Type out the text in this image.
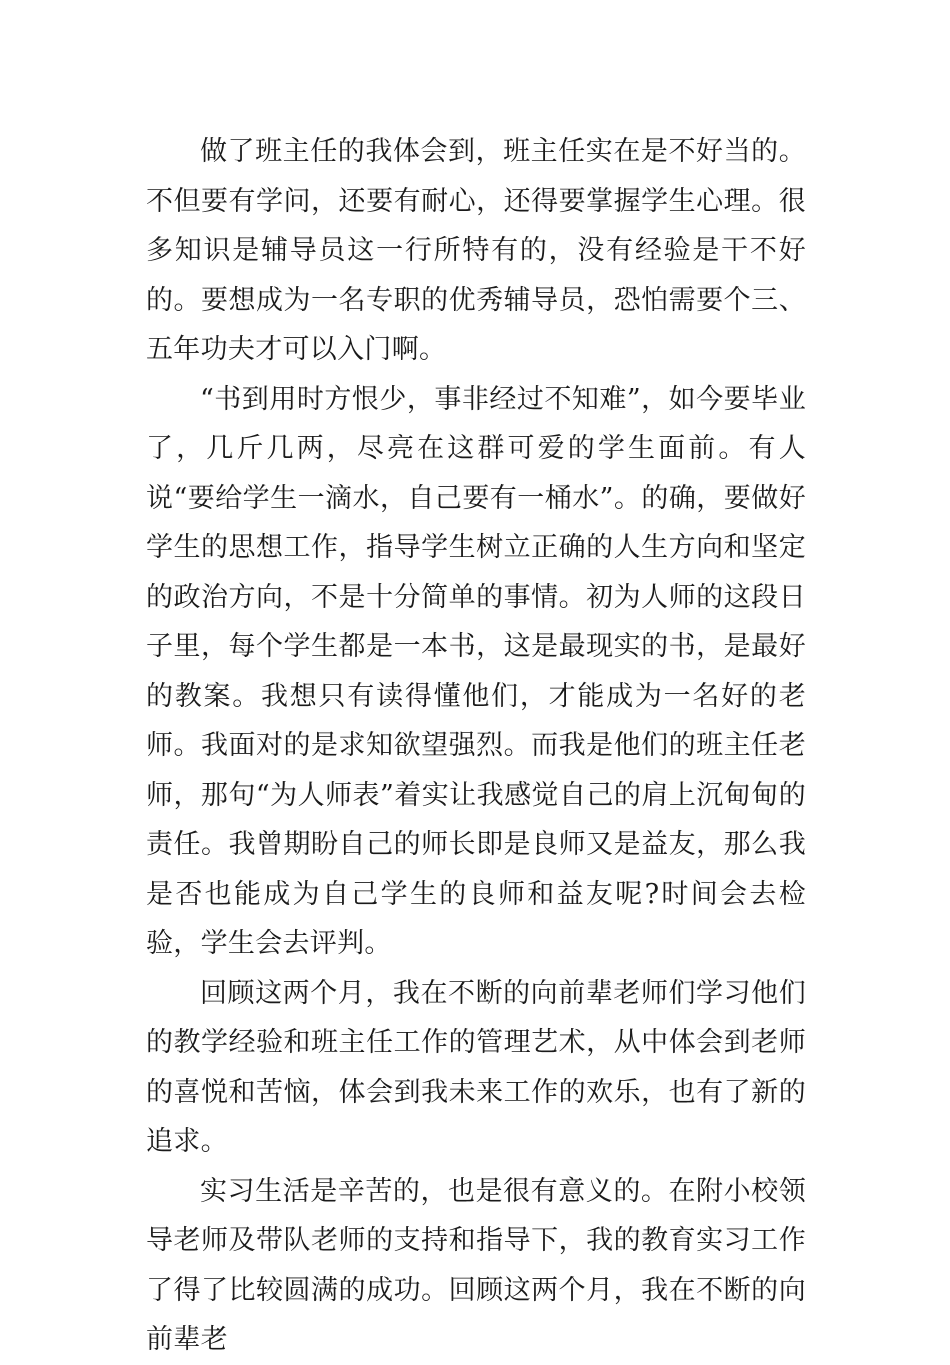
做了班主任的我体会到，班主任实在是不好当的。不但要有学问，还要有耐心，还得要掌握学生心理。很多知识是辅导员这一行所特有的，没有经验是干不好的。要想成为一名专职的优秀辅导员，恐怕需要个三、五年功夫才可以入门啊。

“书到用时方恨少，事非经过不知难”，如今要毕业了，几斤几两，尽亮在这群可爱的学生面前。有人说“要给学生一滴水，自己要有一桶水”。的确，要做好学生的思想工作，指导学生树立正确的人生方向和坚定的政治方向，不是十分简单的事情。初为人师的这段日子里，每个学生都是一本书，这是最现实的书，是最好的教案。我想只有读得懂他们，才能成为一名好的老师。我面对的是求知欲望强烈。而我是他们的班主任老师，那句“为人师表”着实让我感觉自己的肩上沉甸甸的责任。我曾期盼自己的师长即是良师又是益友，那么我是否也能成为自己学生的良师和益友呢?时间会去检验，学生会去评判。

回顾这两个月，我在不断的向前辈老师们学习他们的教学经验和班主任工作的管理艺术，从中体会到老师的喜悦和苦恼，体会到我未来工作的欢乐，也有了新的追求。

实习生活是辛苦的，也是很有意义的。在附小校领导老师及带队老师的支持和指导下，我的教育实习工作了得了比较圆满的成功。回顾这两个月，我在不断的向前辈老
